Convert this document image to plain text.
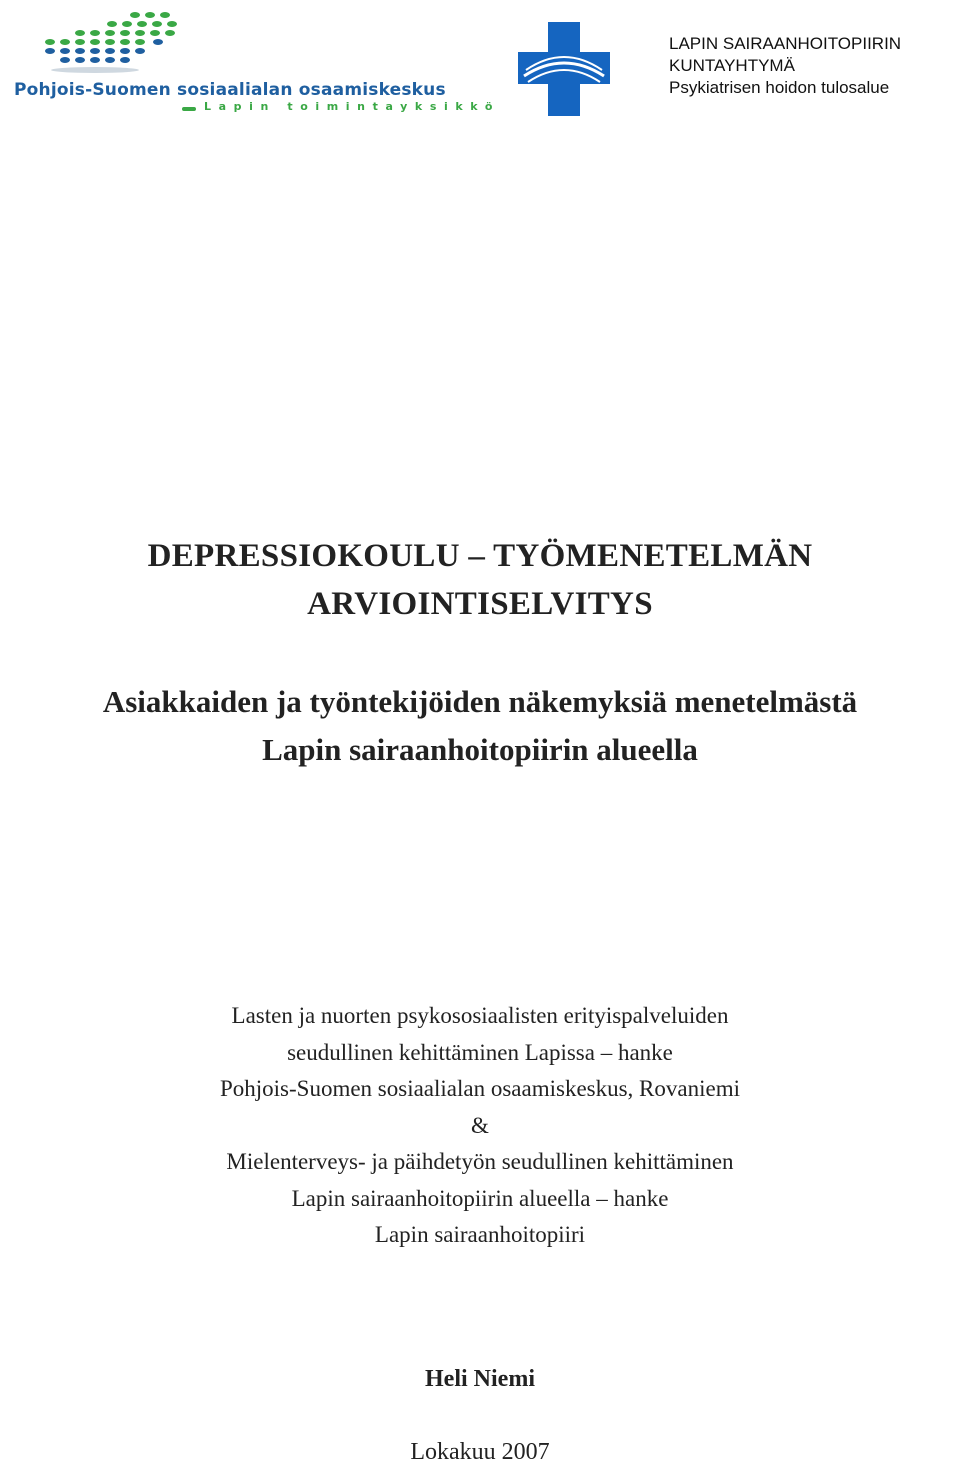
Pohjois-Suomen sosiaalialan osaamiskeskus
Lapin toimintayksikkö
LAPIN SAIRAANHOITOPIIRIN
KUNTAYHTYMÄ
Psykiatrisen hoidon tulosalue
DEPRESSIOKOULU – TYÖMENETELMÄN
ARVIOINTISELVITYS
Asiakkaiden ja työntekijöiden näkemyksiä menetelmästä
Lapin sairaanhoitopiirin alueella
Lasten ja nuorten psykososiaalisten erityispalveluiden
seudullinen kehittäminen Lapissa – hanke
Pohjois-Suomen sosiaalialan osaamiskeskus, Rovaniemi
&
Mielenterveys- ja päihdetyön seudullinen kehittäminen
Lapin sairaanhoitopiirin alueella – hanke
Lapin sairaanhoitopiiri
Heli Niemi
Lokakuu 2007
